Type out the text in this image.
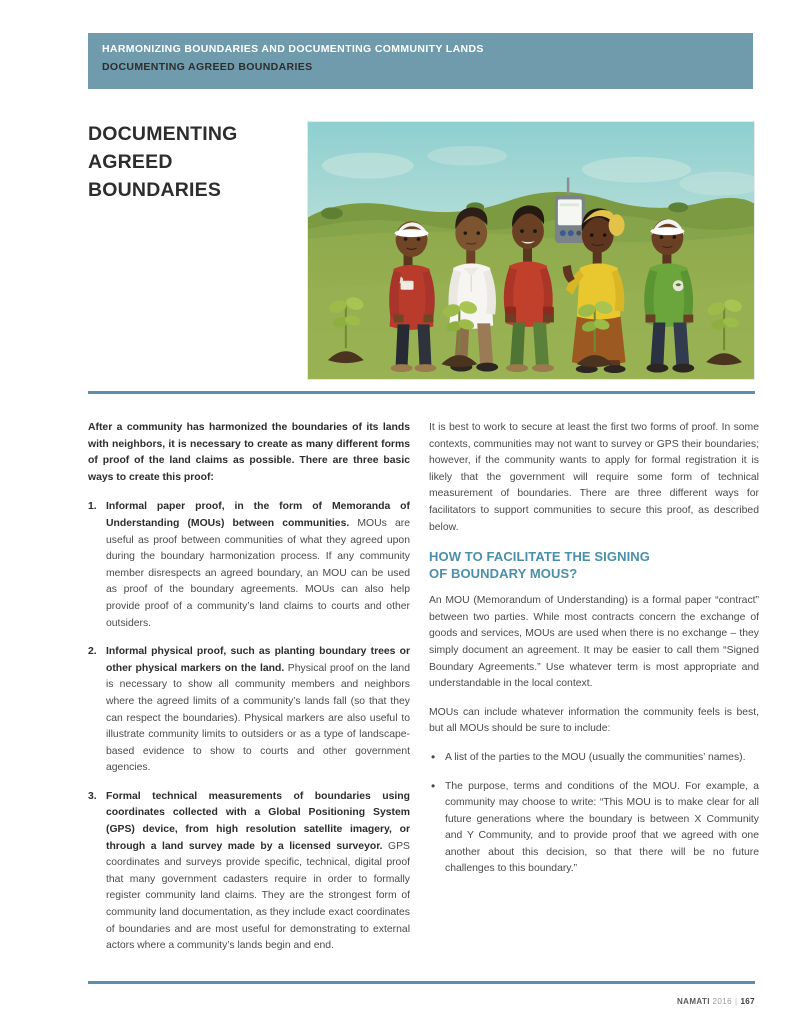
HARMONIZING BOUNDARIES AND DOCUMENTING COMMUNITY LANDS
DOCUMENTING AGREED BOUNDARIES
DOCUMENTING
AGREED
BOUNDARIES

After a community has harmonized the boundaries of its lands with neighbors, it is necessary to create as many different forms of proof of the land claims as possible. There are three basic ways to create this proof:

Informal paper proof, in the form of Memoranda of Understanding (MOUs) between communities. MOUs are useful as proof between communities of what they agreed upon during the boundary harmonization process. If any community member disrespects an agreed boundary, an MOU can be used as proof of the boundary agreements. MOUs can also help provide proof of a community’s land claims to courts and other outsiders.
Informal physical proof, such as planting boundary trees or other physical markers on the land. Physical proof on the land is necessary to show all community members and neighbors where the agreed limits of a community’s lands fall (so that they can respect the boundaries). Physical markers are also useful to illustrate community limits to outsiders or as a type of landscape-based evidence to show to courts and other government agencies.
Formal technical measurements of boundaries using coordinates collected with a Global Positioning System (GPS) device, from high resolution satellite imagery, or through a land survey made by a licensed surveyor. GPS coordinates and surveys provide specific, technical, digital proof that many government cadasters require in order to formally register community land claims. They are the strongest form of community land documentation, as they include exact coordinates of boundaries and are most useful for demonstrating to external actors where a community’s lands begin and end.

It is best to work to secure at least the first two forms of proof. In some contexts, communities may not want to survey or GPS their boundaries; however, if the community wants to apply for formal registration it is likely that the government will require some form of technical measurement of boundaries. There are three different ways for facilitators to support communities to secure this proof, as described below.

HOW TO FACILITATE THE SIGNING
OF BOUNDARY MOUS?

An MOU (Memorandum of Understanding) is a formal paper “contract” between two parties. While most contracts concern the exchange of goods and services, MOUs are used when there is no exchange – they simply document an agreement. It may be easier to call them “Signed Boundary Agreements.” Use whatever term is most appropriate and understandable in the local context.

MOUs can include whatever information the community feels is best, but all MOUs should be sure to include:

• A list of the parties to the MOU (usually the communities’ names).
• The purpose, terms and conditions of the MOU. For example, a community may choose to write: “This MOU is to make clear for all future generations where the boundary is between X Community and Y Community, and to provide proof that we agreed with one another about this decision, so that there will be no future challenges to this boundary.”
NAMATI 2016 | 167
